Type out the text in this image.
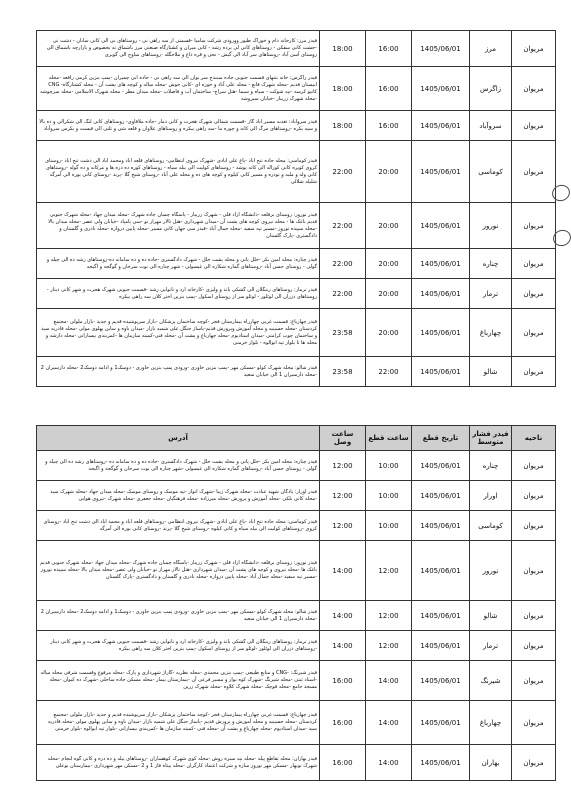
مریوان	مرز	1405/06/01	16:00	18:00	فیدر مرز: کارخانه دام و خوراک طیور وورودی شرکت سامیا -قسمتی از سه راهی نی - روستاهای نی الی کانی سانان - دشت نی -حشت کانی سفکن - روستاهای کانی لی برده رشه - کانی میران و کشتارگاه صنعتی مرز باشماق نه بخصوص و بازارچه باشماق الی روستای آسن آباد -روستاهای سر آباد الی گیش - نجی و قره داغ و ملاجگله -روستاهای ساوج الی گوبری

مریوان	زاگرس	1405/06/01	16:00	18:00	فیدر زاگرس: خانه بتنهای قسمت جنوبی جاده سنندج سر بوان الی سه راهی نی - جاده ابی چمیران -پمپ بنزین کرمی رافعه -محله ابیستان قدیم -محله شهرک قانع - محله علی آباد و حوزه ای -کانی خوش -محله میاله و کوچه های پشت آن - محله کشتارگاه- CNG کانیو کرسه -تپه شوکت - سیاه و سیما -هتل سراج- ساختمان آب و فاضلاب -محله میدان مطر - محله شهرک الاسلامی -محله سرچوشه -محله شهرک زریبار -خیابان سیروشه

مریوان	سروآباد	1405/06/01	16:00	18:00	فیدر سروآباد: تغذیه مسیر آباد گاز -قسمت شمالی شهرک هجرت و کانی ذمار -جاده ملاقاوی- روستاهای کانی لنگ الی شکرالی و ده بالا و سپه بکره -روستاهای مرگ الی کانه و چوره ما -سه راهی بیکره و روستاهای علاوان و قلعه شی و تلنی الی قیست و بکرس سروآباد

مریوان	کوماسی	1405/06/01	20:00	22:00	فیدر کوماسی: محله جاده تنج آباد -پاغ علی آبادی -شهرک نیروی انتظامی- روستاهای قلعه آباد ومحمد آباد الی دشت تنج آباد -روستای کروی کوپره کانی کوراله الی کانه بوشه - روستاهای کولیت الی بیله سیاه - روستاهای کوره ده دره ها و مرکانه و ده گوله -روستاهای کانی وله و ملبه و نودره و مسیر کانی کیلوه و کوچه های ده و محله علی آباد -روستای شیخ گلا -پرند -روستای کانی بوره الی آمرگه شلیله شلالی

مریوان	نورور	1405/06/01	20:00	22:00	فیدر نورور: روستای برقلعه -دانشگاه آزاد قلی - شهرک زریبار - پاسگاه چمبان جاده شهرک -محله میدان جهاد -محله شهرک جنوبی قدیم باغک ها - محله نیروی کوچه های پشت آن -میدان شهرداری -هتل تالار مهراز نو -سی پامپاد -خیابان ولی عصر -محله میدان بالا -محله سپیده نوروز -مسیر تپه سفید -محله جمال آباد -فیدر سی جهان کانی مسیر -محله پایین دروازه -محله نادری و گلستان و دادگستری -پارک گلستان

مریوان	چناره	1405/06/01	20:00	22:00	فیدر چناره: محله امین بکر -خلل پانی و محله پشت خلل - شهرک دادگستری -جاده ده و ده سامانه ده-روستاهای رشه ده الی چیله و گولی - روستای حسن آباد -روستاهای گماره شکاره الی غیسولی - شهر چناره الی نوت سرخان و گوگجه و اگیجه

مریوان	ترمار	1405/06/01	20:00	22:00	فیدر ترمار: روستاهای ربنگلان الی گشکی باند و ولیزی -کارخانه آرد و نانوایی رشد -قسمت جنوبی شهرک هجرت و شهر کانی دینار - روستاهای دزران الی لوئلور - لوئلو سر از روستای اسکول -پمپ بنزین اختر کلان سه راهی بیکره

مریوان	چهارباغ	1405/06/01	20:00	23:58	فیدر چهارباغ: قسمت غربی چهارراه بیمارستان فجر -کوچه ساختمان پزشکان -بازار سرپوشیده قدیم و جدید -بازار ملولی -مجتمع کردستان -محله حسینیه و محله آموزش وپرورش قدیم-پاساژ جنگل علی شمیه بازار -میدان باوه و ساین پهلوی مولی -محله قادریه سید و ساختمان چوب کرامتی -میدان استادیوم -محله چهارباغ و پشت آن -محله فنی-کمیته سازمان ها -کمربندی بیسارانی -محله دارشه و محله ها تا بلوار تپه ابوالوه - بلوار خرمنی

مریوان	شالو	1405/06/01	22:00	23:58	فیدر شالو: محله شهرک کولو -مسکن مهر -پمپ بنزین خاوری -ورودی پمپ بنزین خاوری - دوسک1 و ادامه دوسک2 -محله دارسیران 2 -محله دارسیران 1 الی خیابان سعید
ناحیه	فیدر فشار متوسط	تاریخ قطع	ساعت قطع	ساعت وصل	آدرس
مریوان	چناره	1405/06/01	10:00	12:00	فیدر چناره: محله امین بکر -خلل پانی و محله پشت خلل - شهرک دادگستری -جاده ده و ده سامانه ده -روستاهای رشه ده الی چیله و گولی - روستای حسن آباد -روستاهای گماره شکاره الی غیسولی -شهر چناره الی نوت سرخان و گوگجه و اگیجه

مریوان	اورار	1405/06/01	10:00	12:00	فیدر اورار: پادگان شهید عبادت -محله شهرک زیبا -شهرک انوار -تپه موسک و روستای موسک -محله میدان جهاد -محله شهرک سید -محله کانی بلکی -محله آموزش و پرورش -محله میرزاده -محله فرهنگیان -محله جعفری -محله شهرک -نیروی هوایی

مریوان	کوماسی	1405/06/01	10:00	12:00	فیدر کوماسی: محله جاده تنج آباد -پاغ علی آبادی -شهرک نیروی انتظامی -روستاهای قلعه آباد و محمد آباد الی دشت تنج آباد -روستای کروی -روستاهای کولیت الی بیله سیاه و کانی کیلوه -روستای شیخ گلا -پرند -روستای کانی بوره الی آمرگه

مریوان	نورور	1405/06/01	12:00	14:00	فیدر نورور: روستای برقلعه -دانشگاه آزاد قلی - شهرک زریبار -پاسگاه چمبان جاده شهرک -محله میدان جهاد -محله شهرک جنوبی قدیم باغک ها -محله نیروی و کوچه های پشت آن -میدان شهرداری -هتل تالار مهراز نو -خیابان ولی عصر -محله میدان بالا -محله سپیده نوروز -مسیر تپه سفید -محله جمال آباد -محله پایین دروازه -محله نادری و گلستان و دادگستری -پارک گلستان

مریوان	شالو	1405/06/01	12:00	14:00	فیدر شالو: محله شهرک کولو -مسکن مهر -پمپ بنزین خاوری -ورودی پمپ بنزین خاوری - دوسک1 و ادامه دوسک2 -محله دارسیران 2 -محله دارسیران 1 الی خیابان سعید

مریوان	ترمار	1405/06/01	12:00	14:00	فیدر ترمار: روستاهای ربنگلان الی گشکی باند و ولیزی -کارخانه آرد و نانوایی رشد -قسمت جنوبی شهرک هجرت و شهر کانی دینار -روستاهای دزران الی لوئلور -لوئلو سر از روستای اسکول -پمپ بنزین اختر کلان سه راهی بیکره

مریوان	شیرنگ	1405/06/01	14:00	16:00	فیدر شیرنگ: -CNG و منابع طبیعی -پمپ بنزین محمدی -محله نظریه -گاراژ شهرداری و پارک -محله مرفوع وقسمت شرقی محله میاله -اسناد ثبتی -محله شیرنگ -شهرک کوه نوار و مسیر فرعی آن -بیمارستان بیمار -محله مسکن جاده ساحلی -شهرک ده کیوان -محله مسجد جامع -محله قوچک -محله شهرک کلاوه -محله شهرک زرین

مریوان	چهارباغ	1405/06/01	14:00	16:00	فیدر چهارباغ: قسمت غربی چهارراه بیمارستان فجر -کوچه ساختمان پزشکان -بازار سرپوشیده قدیم و جدید -بازار ملولی -مجتمع کردستان -محله حسینیه و محله آموزش و پرورش قدیم -پاساژ جنگل علی شمیه بازار -میدان باوه و ساین پهلوی مولی -محله قادریه سید -میدان استادیوم -محله چهارباغ و پشت آن -محله فنی -کمیته سازمان ها -کمربندی بیسارانی -بلوار تپه ابوالوه -بلوار خرمنی

مریوان	بهاران	1405/06/01	14:00	16:00	فیدر بهاران: محله تقاطع پیله -محله تپه سبزه روش -محله کوی شهرک کوهساران -روستاهای پیله و ده دره و کانی گوه لنجام -محله شهرک نوبهار -مسکن مهر نوروز سازه و شرکت اعتماد کارگران -محله پیتاه فاز 1 و 2 -مسکن مهر شهرداری -بیمارستان بوعلی
